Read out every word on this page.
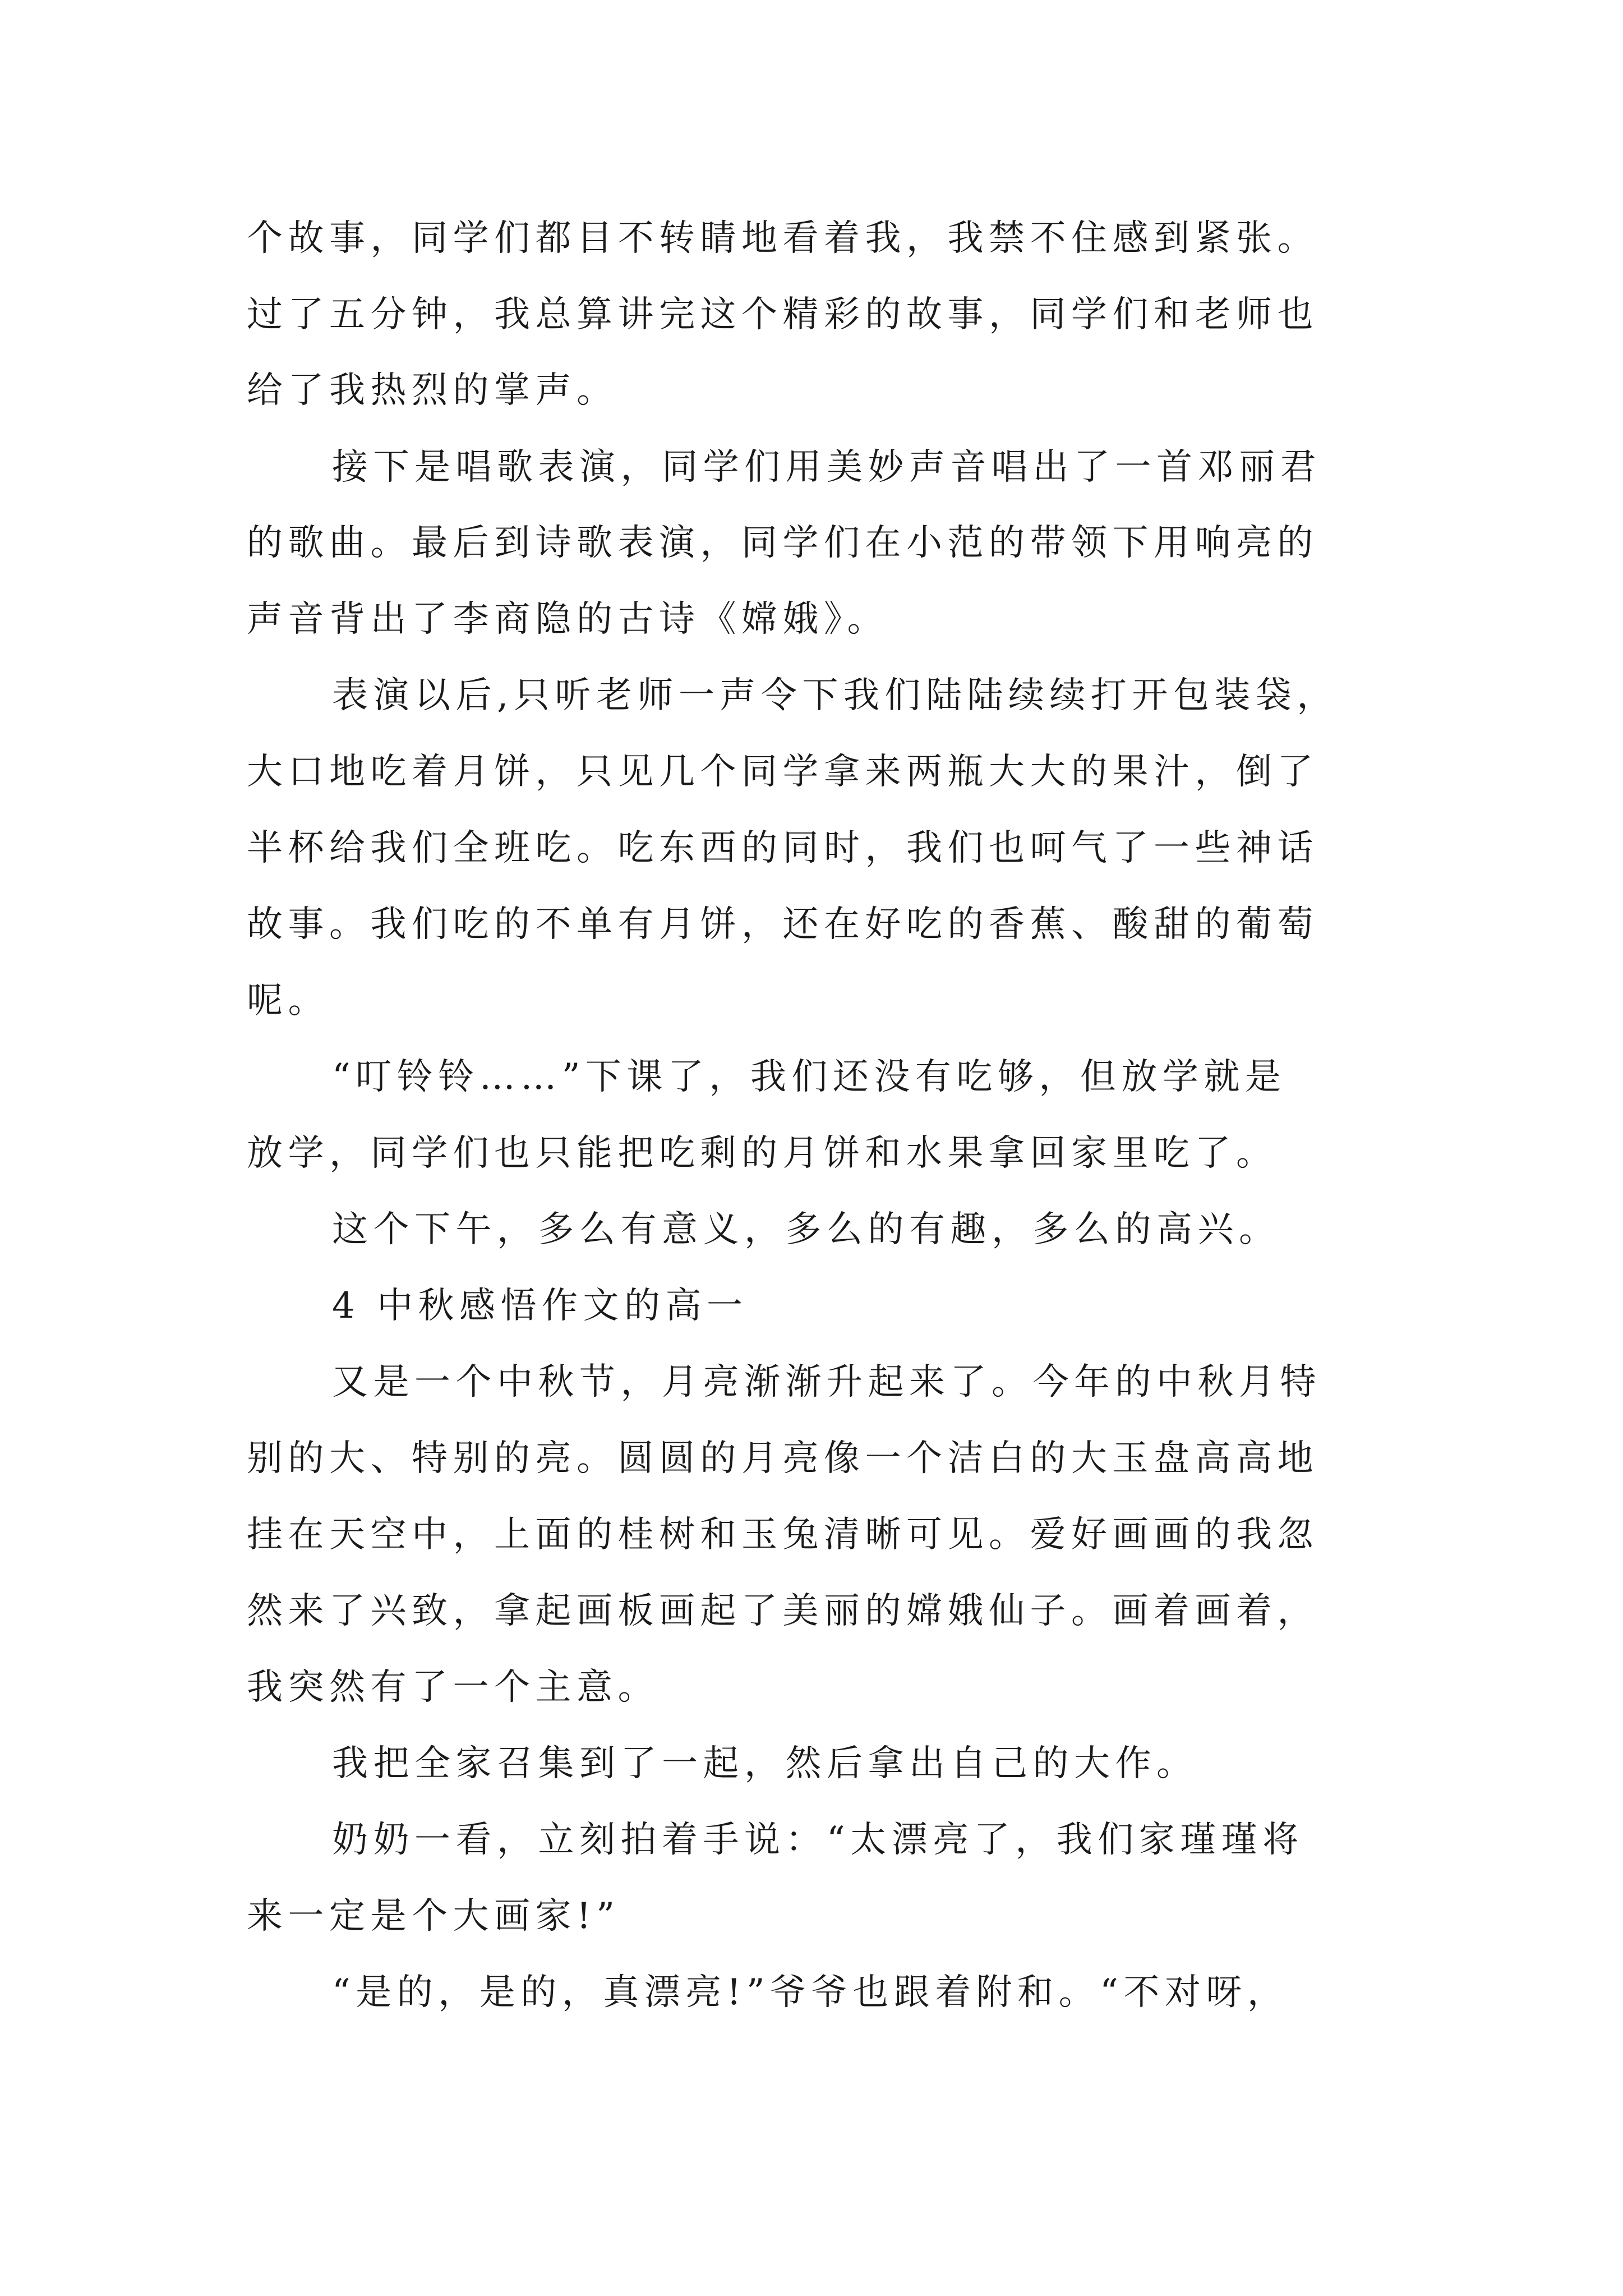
个故事，同学们都目不转睛地看着我，我禁不住感到紧张。

过了五分钟，我总算讲完这个精彩的故事，同学们和老师也

给了我热烈的掌声。

接下是唱歌表演，同学们用美妙声音唱出了一首邓丽君

的歌曲。最后到诗歌表演，同学们在小范的带领下用响亮的

声音背出了李商隐的古诗《嫦娥》。

表演以后,只听老师一声令下我们陆陆续续打开包装袋，

大口地吃着月饼，只见几个同学拿来两瓶大大的果汁，倒了

半杯给我们全班吃。吃东西的同时，我们也呵气了一些神话

故事。我们吃的不单有月饼，还在好吃的香蕉、酸甜的葡萄

呢。

“叮铃铃……”下课了，我们还没有吃够，但放学就是

放学，同学们也只能把吃剩的月饼和水果拿回家里吃了。

这个下午，多么有意义，多么的有趣，多么的高兴。

4 中秋感悟作文的高一

又是一个中秋节，月亮渐渐升起来了。今年的中秋月特

别的大、特别的亮。圆圆的月亮像一个洁白的大玉盘高高地

挂在天空中，上面的桂树和玉兔清晰可见。爱好画画的我忽

然来了兴致，拿起画板画起了美丽的嫦娥仙子。画着画着，

我突然有了一个主意。

我把全家召集到了一起，然后拿出自己的大作。

奶奶一看，立刻拍着手说：“太漂亮了，我们家瑾瑾将

来一定是个大画家!”

“是的，是的，真漂亮!”爷爷也跟着附和。“不对呀，
